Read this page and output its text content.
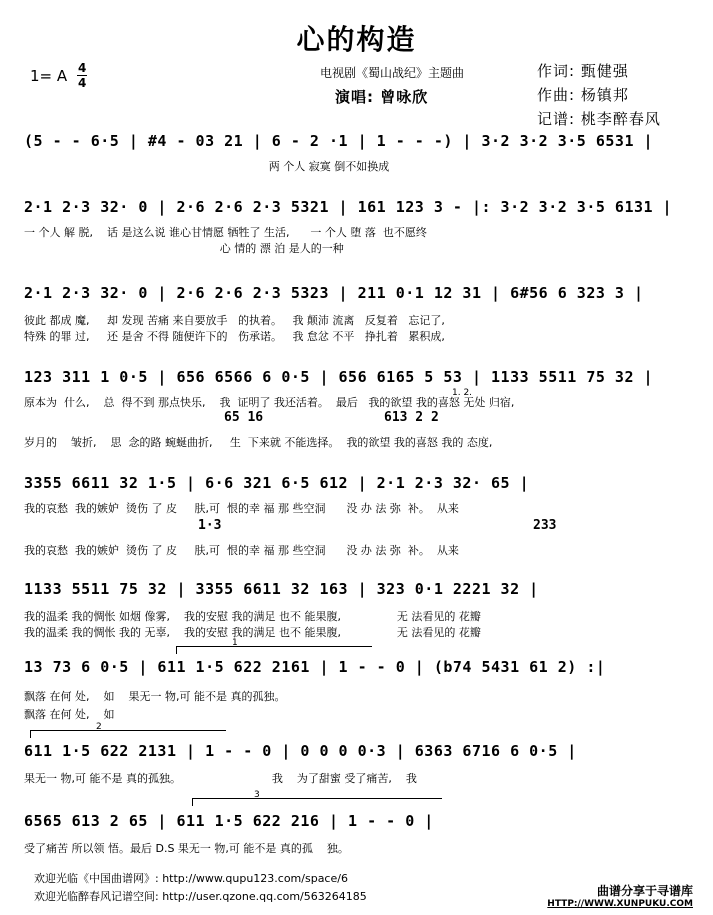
心的构造
1= A 4
4
电视剧《蜀山战纪》主题曲
演唱: 曾咏欣
作词: 甄健强
作曲: 杨镇邦
记谱: 桃李醉春风
(5 - - 6·5 | #4 - 03 21 | 6 - 2 ·1 | 1 - - -) | 3·2 3·2 3·5 6531 |
两 个人 寂寞 倒不如换成
2·1 2·3 32· 0 | 2·6 2·6 2·3 5321 | 161 123 3 - |: 3·2 3·2 3·5 6131 |
一 个人 解 脱,    话 是这么说 谁心甘情愿 牺牲了 生活,      一 个人 堕 落  也不愿终
心 情的 漂 泊 是人的一种
2·1 2·3 32· 0 | 2·6 2·6 2·3 5323 | 211 0·1 12 31 | 6#56 6 323 3 |
彼此 都成 魔,     却 发现 苦痛 来自要放手   的执着。   我 颠沛 流离   反复着   忘记了,
特殊 的罪 过,     还 是舍 不得 随便许下的   伤承诺。   我 怠忿 不平   挣扎着   累积成,
123 311 1 0·5 | 656 6566 6 0·5 | 656 6165 5 53 | 1133 5511 75 32 |
原本为  什么,    总  得不到 那点快乐,    我  证明了 我还活着。  最后   我的欲望 我的喜怒 无处 归宿,
1. 2.
65 16	613 2 2
岁月的    皱折,    思  念的路 蜿蜒曲折,     生  下来就 不能选择。  我的欲望 我的喜怒 我的 态度,
3355 6611 32 1·5 | 6·6 321 6·5 612 | 2·1 2·3 32· 65 |
我的哀愁  我的嫉妒  烫伤 了 皮     肤,可  恨的幸 福 那 些空洞      没 办 法 弥  补。  从来
1·3	233
我的哀愁  我的嫉妒  烫伤 了 皮     肤,可  恨的幸 福 那 些空洞      没 办 法 弥  补。  从来
1133 5511 75 32 | 3355 6611 32 163 | 323 0·1 2221 32 |
我的温柔 我的惆怅 如烟 像雾,    我的安慰 我的满足 也不 能果腹,                无 法看见的 花瓣
我的温柔 我的惆怅 我的 无辜,    我的安慰 我的满足 也不 能果腹,                无 法看见的 花瓣
1
13 73 6 0·5 | 611 1·5 622 2161 | 1 - - 0 | (b74 5431 61 2) :|
飘落 在何 处,    如    果无一 物,可 能不是 真的孤独。
飘落 在何 处,    如
2
611 1·5 622 2131 | 1 - - 0 | 0 0 0 0·3 | 6363 6716 6 0·5 |
果无一 物,可 能不是 真的孤独。                          我    为了甜蜜 受了痛苦,    我
3
6565 613 2 65 | 611 1·5 622 216 | 1 - - 0 |
受了痛苦 所以领 悟。最后 D.S 果无一 物,可 能不是 真的孤    独。
欢迎光临《中国曲谱网》: http://www.qupu123.com/space/6
欢迎光临醉春风记谱空间: http://user.qzone.qq.com/563264185	曲谱分享于寻谱库
HTTP://WWW.XUNPUKU.COM
